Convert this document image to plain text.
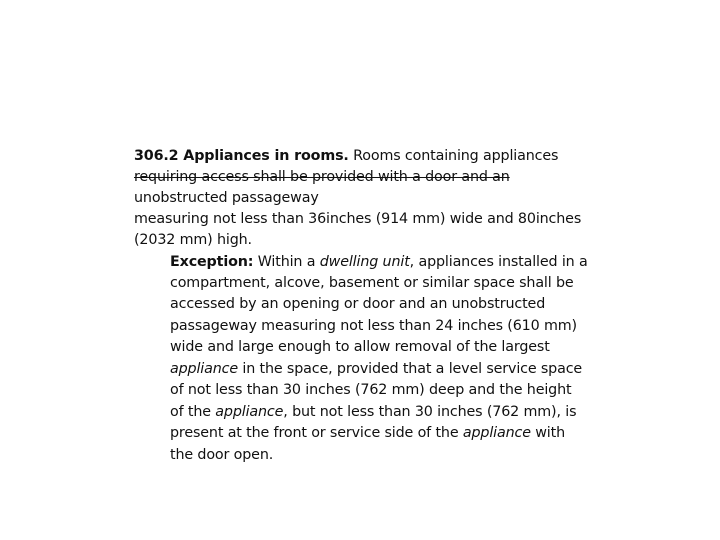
306.2 Appliances in rooms. Rooms containing appliances
requiring access shall be provided with a door and an
unobstructed passageway
measuring not less than 36inches (914 mm) wide and 80inches
(2032 mm) high.
Exception: Within a dwelling unit, appliances installed in a
compartment, alcove, basement or similar space shall be
accessed by an opening or door and an unobstructed
passageway measuring not less than 24 inches (610 mm)
wide and large enough to allow removal of the largest
appliance in the space, provided that a level service space
of not less than 30 inches (762 mm) deep and the height
of the appliance, but not less than 30 inches (762 mm), is
present at the front or service side of the appliance with
the door open.
